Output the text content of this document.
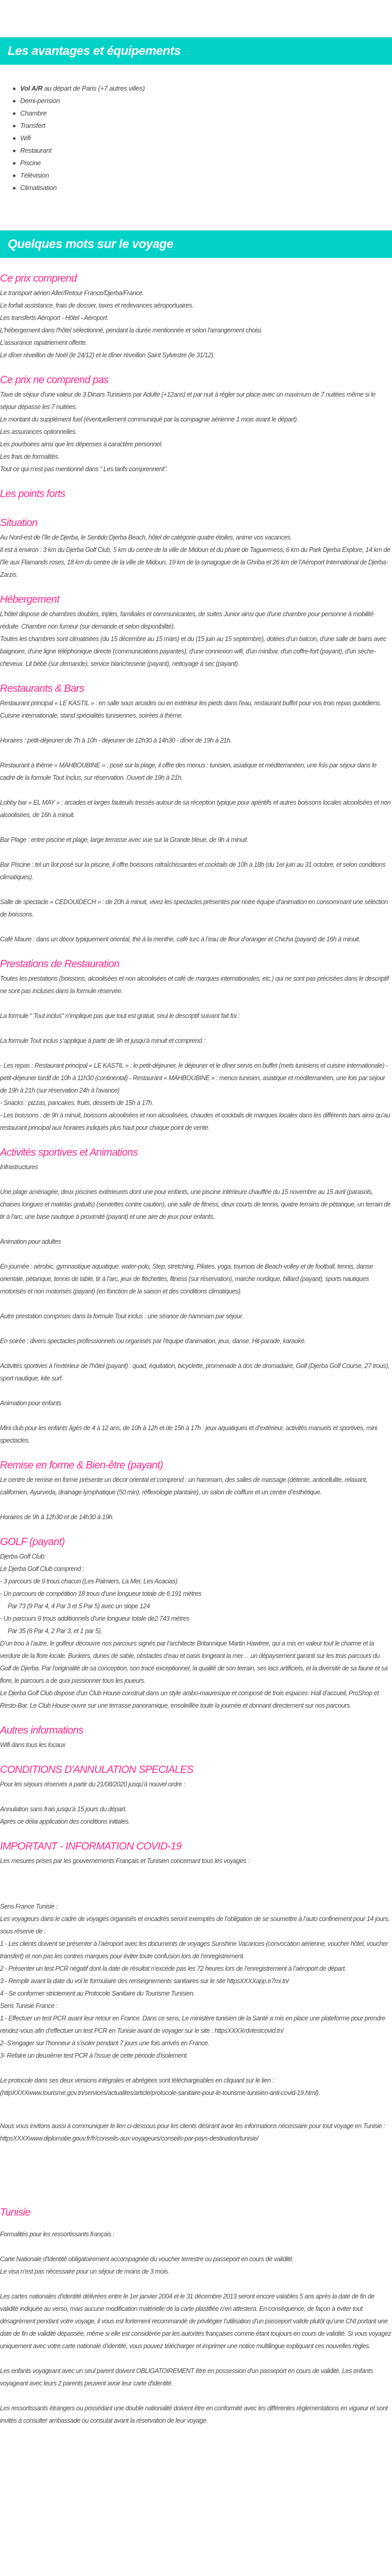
Les avantages et équipements
Vol A/R au départ de Paris (+7 autres villes)
Demi-pension
Chambre
Transfert
Wifi
Restaurant
Piscine
Télévision
Climatisation
Quelques mots sur le voyage
Ce prix comprend

Le transport aérien Aller/Retour France/Djerba/France.

Le forfait assistance, frais de dossier, taxes et redevances aéroportuaires.

Les transferts Aéroport - Hôtel - Aéroport.

L'hébergement dans l'hôtel sélectionné, pendant la durée mentionnée et selon l'arrangement choisi.

L'assurance rapatriement offerte.

Le dîner réveillon de Noël (le 24/12) et le dîner réveillon Saint Sylvestre (le 31/12).

Ce prix ne comprend pas

Taxe de séjour d'une valeur de 3 Dinars Tunisiens par Adulte (+12ans) et par nuit à régler sur place avec un maximum de 7 nuitées même si le séjour dépasse les 7 nuitées.

Le montant du supplément fuel (éventuellement communiqué par la compagnie aérienne 1 mois avant le départ).

Les assurances optionnelles.

Les pourboires ainsi que les dépenses à caractère personnel.

Les frais de formalités.

Tout ce qui n'est pas mentionné dans " Les tarifs comprennent".

Les points forts
Situation

Au Nord-est de l’île de Djerba, le Sentido Djerba Beach, hôtel de catégorie quatre étoiles, anime vos vacances.

Il est à environ : 3 km du Djerba Golf Club, 5 km du centre de la ville de Midoun et du phare de Taguermess, 6 km du Park Djerba Explore, 14 km de l'île aux Flamands roses, 18 km du centre de la ville de Midoun, 19 km de la synagogue de la Ghriba et 26 km de l’Aéroport International de Djerba-Zarzis.

Hébergement

L'hôtel dispose de chambres doubles, triples, familiales et communicantes, de suites Junior ainsi que d'une chambre pour personne à mobilité réduite. Chambre non fumeur (sur demande et selon disponibilité).

Toutes les chambres sont climatisées (du 15 décembre au 15 mars) et du (15 juin au 15 septembre), dotées d’un balcon, d'une salle de bains avec baignoire, d'une ligne téléphonique directe (communications payantes), d'une connexion wifi, d'un minibar, d'un coffre-fort (payant), d'un sèche-cheveux. Lit bébé (sur demande), service blanchisserie (payant), nettoyage à sec (payant).

Restaurants & Bars

Restaurant principal « LE KASTIL » : en salle sous arcades ou en extérieur les pieds dans l'eau, restaurant buffet pour vos trois repas quotidiens. Cuisine internationale, stand spécialités tunisiennes, soirées à thème.

Horaires : petit-déjeuner de 7h à 10h - déjeuner de 12h30 à 14h30 - dîner de 19h à 21h.

Restaurant à thème « MAHBOUBINE » : posé sur la plage, il offre des menus : tunisien, asiatique et méditerranéen, une fois par séjour dans le cadre de la formule Tout Inclus, sur réservation. Ouvert de 19h à 21h.

Lobby bar « EL MAY » : arcades et larges fauteuils tressés autour de sa réception typique pour apéritifs et autres boissons locales alcoolisées et non alcoolisées, de 16h à minuit.

Bar Plage : entre piscine et plage, large terrasse avec vue sur la Grande bleue, de 9h à minuit.

Bar Piscine : tel un îlot posé sur la piscine, il offre boissons rafraîchissantes et cocktails de 10h à 18h (du 1er juin au 31 octobre, et selon conditions climatiques).

Salle de spectacle « CEDOUIDECH » : de 20h à minuit, vivez les spectacles présentés par notre équipe d’animation en consommant une sélection de boissons.

Café Maure : dans un décor typiquement oriental, thé à la menthe, café turc à l’eau de fleur d’oranger et Chicha (payant) de 16h à minuit.

Prestations de Restauration

Toutes les prestations (boissons, alcoolisées et non alcoolisées et café de marques internationales, etc.) qui ne sont pas précisées dans le descriptif ne sont pas incluses dans la formule réservée.

La formule " Tout inclus" n’implique pas que tout est gratuit, seul le descriptif suivant fait foi :

La formule Tout inclus s’applique à partir de 9h et jusqu’à minuit et comprend :

- Les repas : Restaurant principal « LE KASTIL » : le petit-déjeuner, le déjeuner et le dîner servis en buffet (mets tunisiens et cuisine internationale) - petit-déjeuner tardif de 10h à 11h30 (continental) - Restaurant « MAHBOUBINE » : menus tunisien, asiatique et méditerranéen, une fois par séjour de 19h à 21h (sur réservation 24h à l'avance)

- Snacks : pizzas, pancakes, fruits, desserts de 15h à 17h.

- Les boissons : de 9h à minuit, boissons alcoolisées et non alcoolisées, chaudes et cocktails de marques locales dans les différents bars ainsi qu'au restaurant principal aux horaires indiqués plus haut pour chaque point de vente.

Activités sportives et Animations

Infrastructures

Une plage aménagée, deux piscines extérieures dont une pour enfants, une piscine intérieure chauffée du 15 novembre au 15 avril (parasols, chaises longues et matelas gratuits) (serviettes contre caution), une salle de fitness, deux courts de tennis, quatre terrains de pétanque, un terrain de tir à l'arc, une base nautique à proximité (payant) et une aire de jeux pour enfants.

Animation pour adultes

En journée : aérobic, gymnastique aquatique, water-polo, Step, stretching, Pilates, yoga, tournois de Beach-volley et de football, tennis, danse orientale, pétanque, tennis de table, tir à l’arc, jeux de fléchettes, fitness (sur réservation), marche nordique, billard (payant), sports nautiques motorisés et non motorisés (payant) (en fonction de la saison et des conditions climatiques).

Autre prestation comprises dans la formule Tout inclus : une séance de hammam par séjour.

En soirée : divers spectacles professionnels ou organisés par l'équipe d'animation, jeux, danse. Hit-parade, karaoké.

Activités sportives à l’extérieur de l’hôtel (payant) : quad, équitation, bicyclette, promenade à dos de dromadaire, Golf (Djerba Golf Course, 27 trous), sport nautique, kite surf.

Animation pour enfants

Mini club pour les enfants âgés de 4 à 12 ans, de 10h à 12h et de 15h à 17h : jeux aquatiques et d’extérieur, activités manuels et sportives, mini spectacles.

Remise en forme & Bien-être (payant)

Le centre de remise en forme présente un décor oriental et comprend : un hammam, des salles de massage (détente, anticellulite, relaxant, californien, Ayurveda, drainage lymphatique (50 min), réflexologie plantaire), un salon de coiffure et un centre d’esthétique.

Horaires de 9h à 12h30 et de 14h30 à 19h.

GOLF (payant)

Djerba Golf Club:

Le Djerba Golf Club comprend :

- 3 parcours de 9 trous chacun (Les Palmiers, La Mer, Les Acacias)

- Un parcours de compétition 18 trous d’une longueur totale de 6 191 mètres

Par 73 (9 Par 4, 4 Par 3 et 5 Par 5) avec un slope 124

- Un parcours 9 trous additionnels d’une longueur totale de2 743 mètres

Par 35 (6 Par 4, 2 Par 3, et 1 par 5).

D’un trou à l’autre, le golfeur découvre nos parcours signés par l’architecte Britannique Martin Hawtree, qui a mis en valeur tout le charme et la verdure de la flore locale. Bunkers, dunes de sable, obstacles d’eau et oasis longeant la mer… un dépaysement garanti sur les trois parcours du Golf de Djerba. Par l’originalité de sa conception, son tracé exceptionnel, la qualité de son terrain, ses lacs artificiels, et la diversité de sa faune et sa flore, le parcours a de quoi passionner tous les joueurs.

Le Djerba Golf Club dispose d’un Club House construit dans un style arabo-mauresque et composé de trois espaces: Hall d’accueil, ProShop et Resto-Bar. Le Club House ouvre sur une terrasse panoramique, ensoleillée toute la journée et donnant directement sur nos parcours.

Autres informations

Wifi dans tous les locaux

CONDITIONS D'ANNULATION SPECIALES

Pour les séjours réservés à partir du 21/08/2020 jusqu’à nouvel ordre :

Annulation sans frais jusqu’à 15 jours du départ.

Après ce délai application des conditions initiales.

IMPORTANT - INFORMATION COVID-19

Les mesures prises par les gouvernements Français et Tunisien concernant tous les voyages :

Sens France Tunisie :

Les voyageurs dans le cadre de voyages organisés et encadrés seront exemptés de l’obligation de se soumettre à l’auto confinement pour 14 jours, sous réserve de :

1 - Les clients doivent se présenter à l’aéroport avec les documents de voyages Sunshine Vacances (convocation aérienne, voucher hôtel, voucher transfert) et non pas les contres marques pour éviter toute confusion lors de l’enregistrement.

2 - Présenter un test PCR négatif dont la date de résultat n’excède pas les 72 heures lors de l’enregistrement à l’aéroport de départ.

3 - Remplir avant la date du vol le formulaire des renseignements sanitaires sur le site httpsXXXXapp.e7mi.tn/

4 - Se conformer strictement au Protocole Sanitaire du Tourisme Tunisien.

Sens Tunisie France :

1 - Effectuer un test PCR avant leur retour en France. Dans ce sens, Le ministère tunisien de la Santé a mis en place une plateforme pour prendre rendez-vous afin d’effectuer un test PCR en Tunisie avant de voyager sur le site : httpsXXXXrdvtestcovid.tn/

2- S’engager sur l’honneur à s’isoler pendant 7 jours une fois arrivés en France.

3- Refaire un deuxième test PCR à l’issue de cette période d’isolement.

Le protocole dans ses deux versions intégrales et abrégées sont téléchargeables en cliquant sur le lien : (httpXXXXwww.tourisme.gov.tn/services/actualites/article/protocole-sanitaire-pour-le-tourisme-tunisien-anti-covid-19.html).

Nous vous invitons aussi à communiquer le lien ci-dessous pour les clients désirant avoir les informations nécessaire pour tout voyage en Tunisie :

httpsXXXXwww.diplomatie.gouv.fr/fr/conseils-aux-voyageurs/conseils-par-pays-destination/tunisie/

Tunisie

Formalités pour les ressortissants français :

Carte Nationale d'Identité obligatoirement accompagnée du voucher terrestre ou passeport en cours de validité.

Le visa n’est pas nécessaire pour un séjour de moins de 3 mois.

Les cartes nationales d’identité délivrées entre le 1er janvier 2004 et le 31 décembre 2013 seront encore valables 5 ans après la date de fin de validité indiquée au verso, mais aucune modification matérielle de la carte plastifiée n’en attestera. En conséquence, de façon à éviter tout désagrément pendant votre voyage, il vous est fortement recommandé de privilégier l’utilisation d’un passeport valide plutôt qu’une CNI portant une date de fin de validité dépassée, même si elle est considérée par les autorités françaises comme étant toujours en cours de validité. Si vous voyagez uniquement avec votre carte nationale d’identité, vous pouvez télécharger et imprimer une notice multilingue expliquant ces nouvelles règles.

Les enfants voyageant avec un seul parent doivent OBLIGATOIREMENT être en possession d'un passeport en cours de validité. Les enfants voyageant avec leurs 2 parents peuvent avoir leur carte d'identité.

Les ressortissants étrangers ou possédant une double nationalité doivent être en conformité avec les différentes règlementations en vigueur et sont invités à consulter ambassade ou consulat avant la réservation de leur voyage.
